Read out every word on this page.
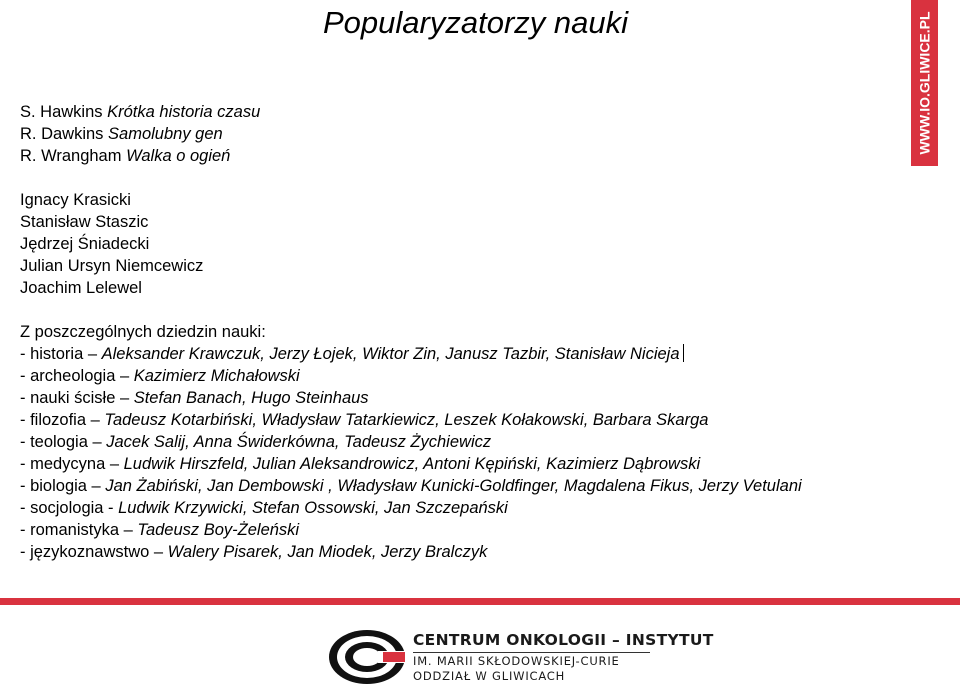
Popularyzatorzy nauki	WWW.IO.GLIWICE.PL
S. Hawkins Krótka historia czasu
R. Dawkins Samolubny gen
R. Wrangham Walka o ogień
Ignacy Krasicki
Stanisław Staszic
Jędrzej Śniadecki
Julian Ursyn Niemcewicz
Joachim Lelewel
Z poszczególnych dziedzin nauki:
- historia – Aleksander Krawczuk, Jerzy Łojek, Wiktor Zin, Janusz Tazbir, Stanisław Nicieja
- archeologia – Kazimierz Michałowski
- nauki ścisłe – Stefan Banach, Hugo Steinhaus
- filozofia – Tadeusz Kotarbiński, Władysław Tatarkiewicz, Leszek Kołakowski, Barbara Skarga
- teologia – Jacek Salij, Anna Świderkówna, Tadeusz Żychiewicz
- medycyna – Ludwik Hirszfeld, Julian Aleksandrowicz, Antoni Kępiński, Kazimierz Dąbrowski
- biologia – Jan Żabiński, Jan Dembowski , Władysław Kunicki-Goldfinger, Magdalena Fikus, Jerzy Vetulani
- socjologia - Ludwik Krzywicki, Stefan Ossowski, Jan Szczepański
- romanistyka – Tadeusz Boy-Żeleński
- językoznawstwo – Walery Pisarek, Jan Miodek, Jerzy Bralczyk
CENTRUM ONKOLOGII – INSTYTUT
IM. MARII SKŁODOWSKIEJ-CURIE
ODDZIAŁ W GLIWICACH
